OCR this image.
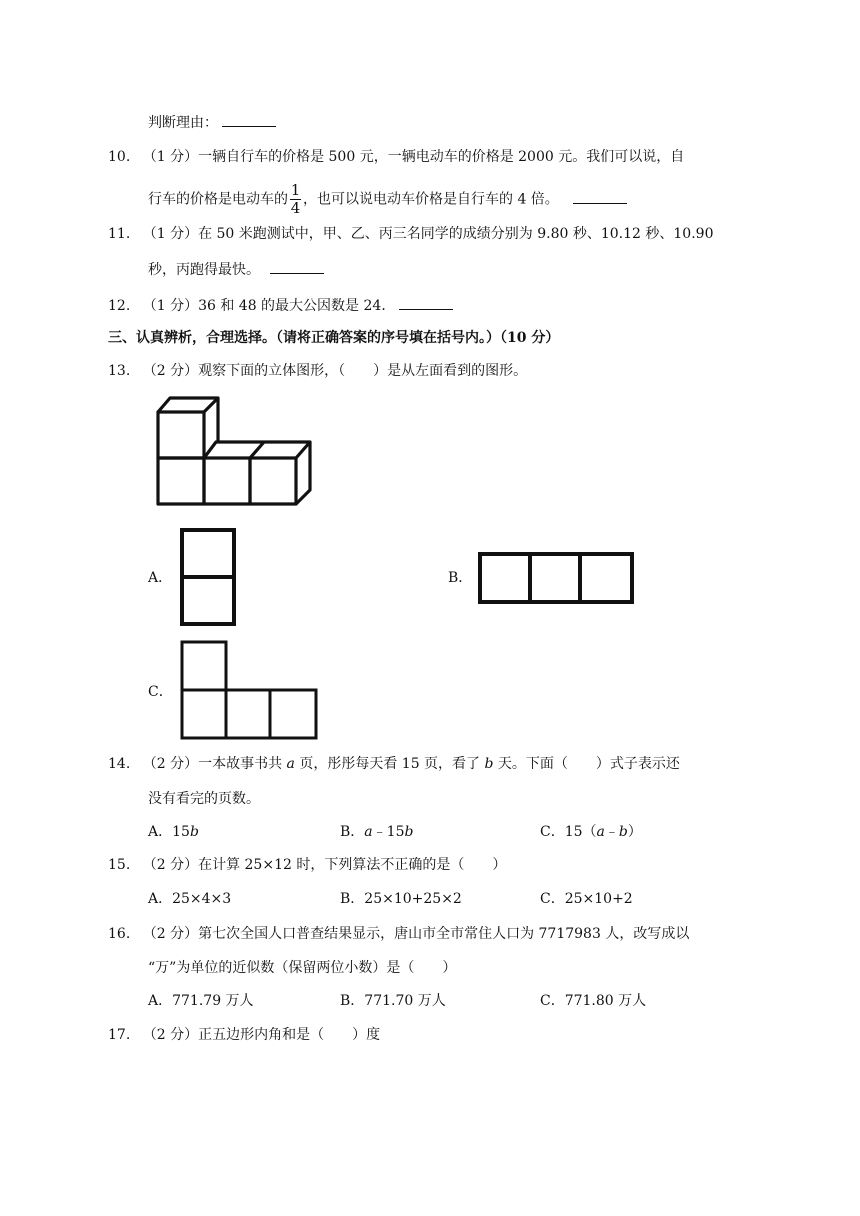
判断理由：
10. （1 分）一辆自行车的价格是 500 元，一辆电动车的价格是 2000 元。我们可以说，自
行车的价格是电动车的 $\frac{1}{4}$ ，也可以说电动车价格是自行车的 4 倍。
11. （1 分）在 50 米跑测试中，甲、乙、丙三名同学的成绩分别为 9.80 秒、10.12 秒、10.90
秒，丙跑得最快。
12. （1 分）36 和 48 的最大公因数是 24．
三、认真辨析，合理选择。（请将正确答案的序号填在括号内。）（10 分）
13. （2 分）观察下面的立体图形，（　　）是从左面看到的图形。
A．	B．
C．
14. （2 分）一本故事书共 a 页，彤彤每天看 15 页，看了 b 天。下面（　　）式子表示还
没有看完的页数。
A．15b	B．a﹣15b	C．15（a﹣b）
15. （2 分）在计算 25×12 时，下列算法不正确的是（　　）
A．25×4×3	B．25×10+25×2	C．25×10+2
16. （2 分）第七次全国人口普查结果显示，唐山市全市常住人口为 7717983 人，改写成以
“万”为单位的近似数（保留两位小数）是（　　）
A．771.79 万人	B．771.70 万人	C．771.80 万人
17. （2 分）正五边形内角和是（　　）度
